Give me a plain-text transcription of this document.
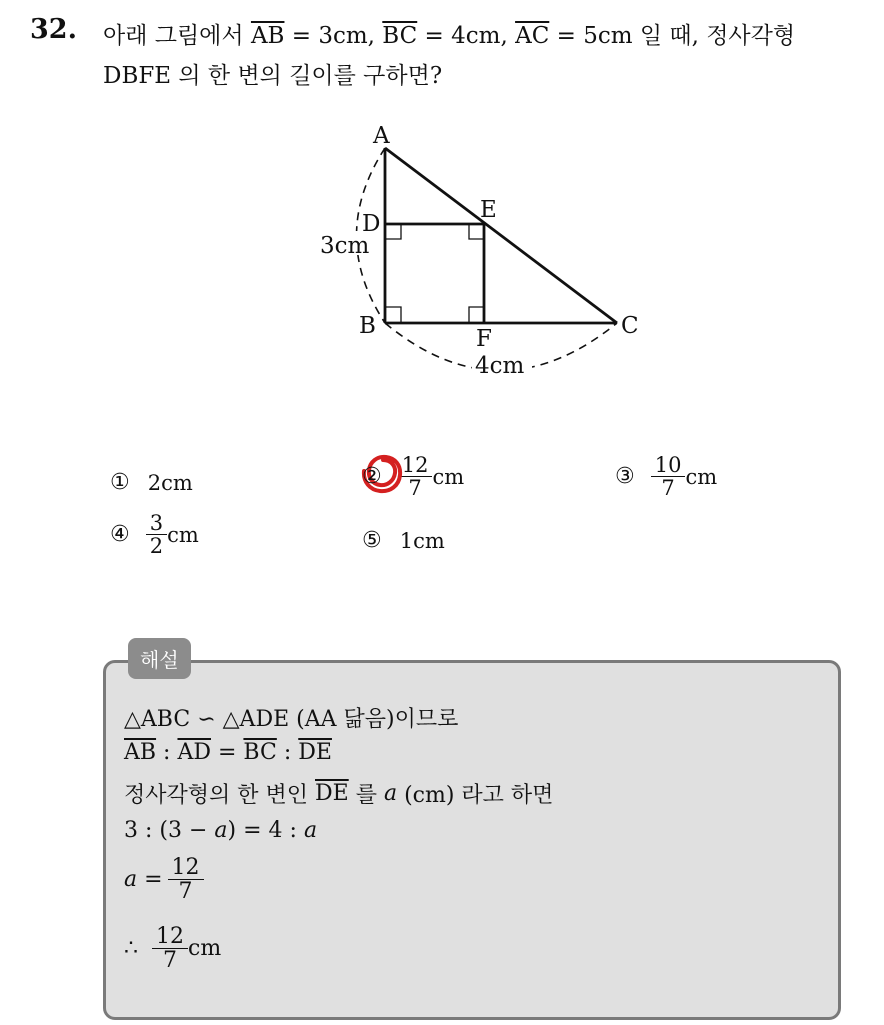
32. 아래 그림에서 $\overline{AB} = 3cm$, $\overline{BC} = 4cm$, $\overline{AC} = 5cm$ 일 때, 정사각형
DBFE 의 한 변의 길이를 구하면?
A
D
E
B	F	C
3cm
4cm
① 2cm	② $\frac{12}{7}$ cm	③ $\frac{10}{7}$ cm
④ $\frac{3}{2}$ cm	⑤ 1cm
해설
△ABC ∽ △ADE (AA 닮음)이므로
$\overline{AB}$ : $\overline{AD} = \overline{BC}$ : $\overline{DE}$
정사각형의 한 변인 $\overline{DE}$ 를 a (cm) 라고 하면
3 : (3 − a ) = 4 : a
$a = \frac{12}{7}$
∴ $\frac{12}{7}$ cm
